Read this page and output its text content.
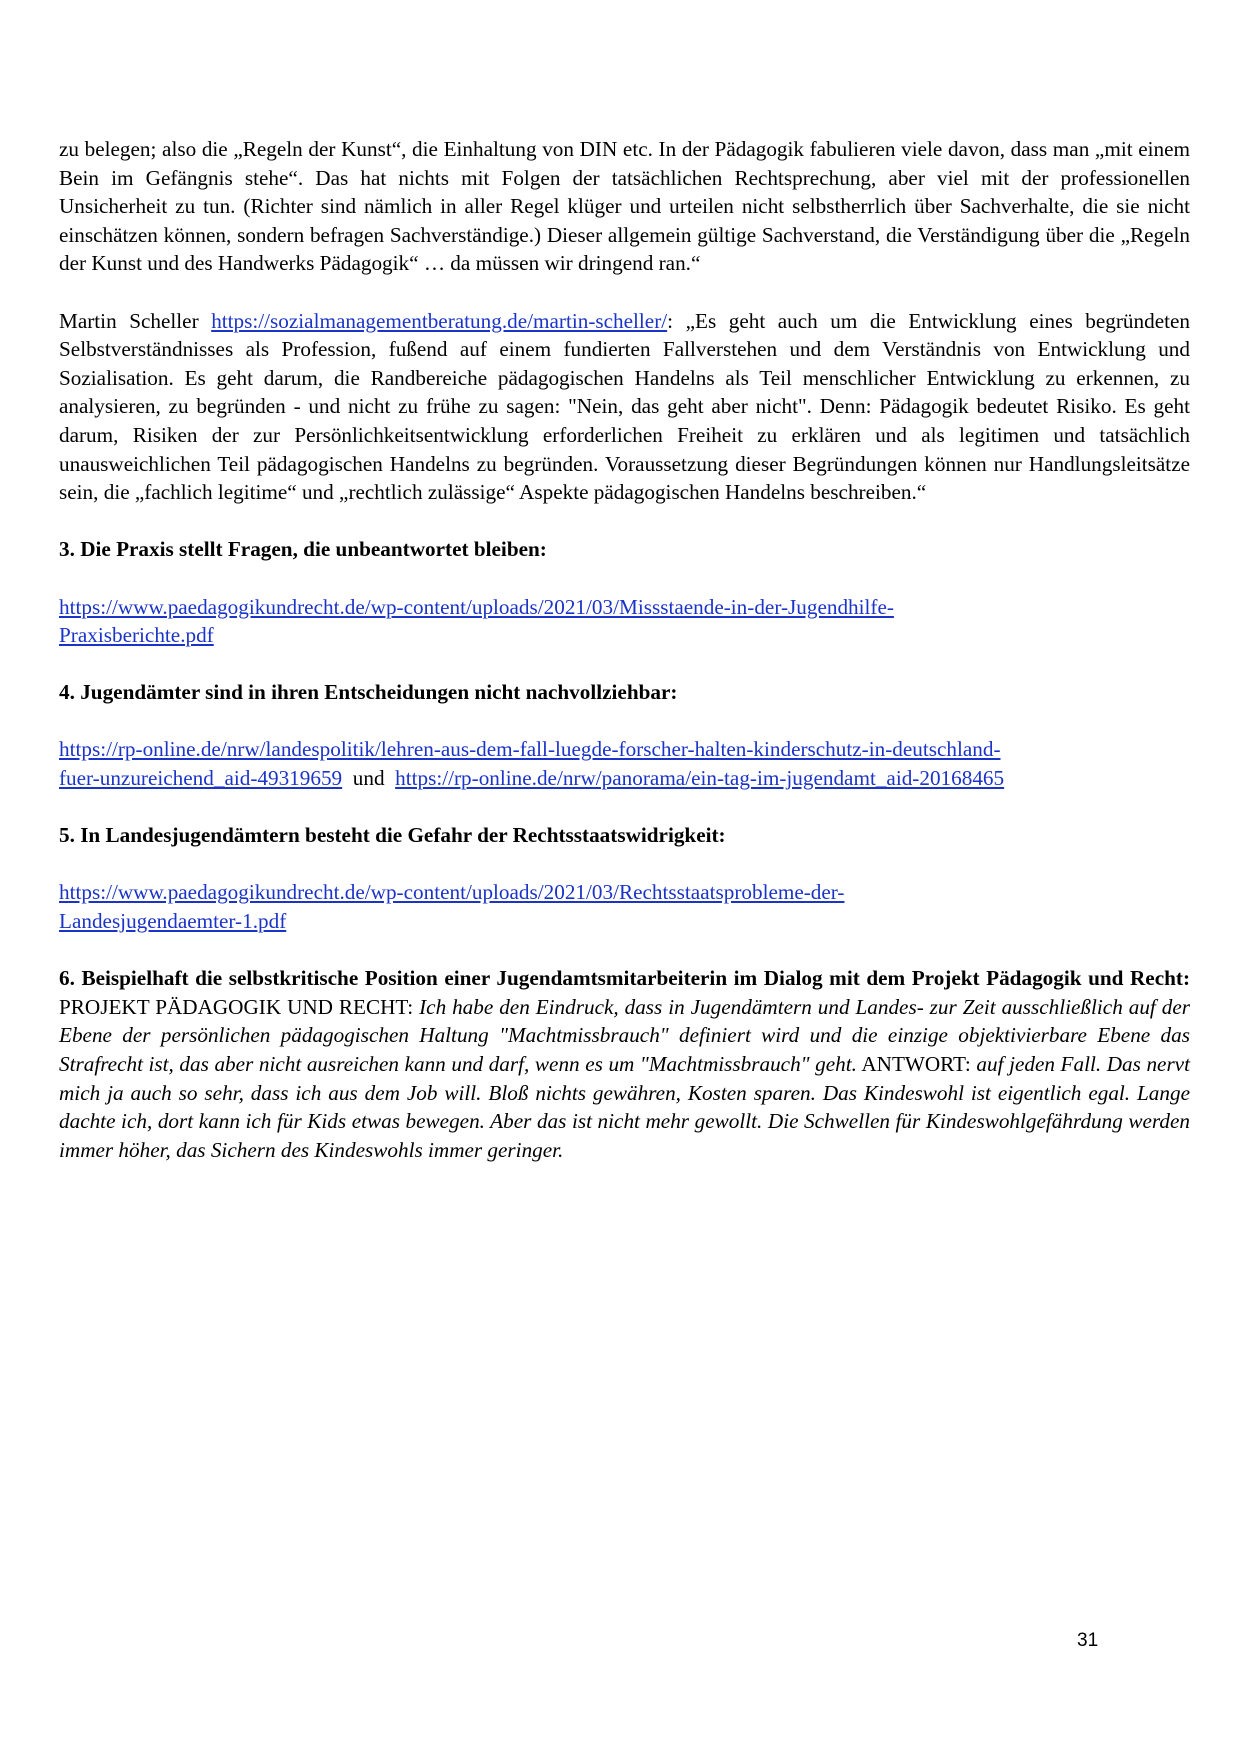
zu belegen; also die „Regeln der Kunst“, die Einhaltung von DIN etc. In der Pädagogik fabulieren viele davon, dass man „mit einem Bein im Gefängnis stehe“. Das hat nichts mit Folgen der tatsächlichen Rechtsprechung, aber viel mit der professionellen Unsicherheit zu tun. (Richter sind nämlich in aller Regel klüger und urteilen nicht selbstherrlich über Sachverhalte, die sie nicht einschätzen können, sondern befragen Sachverständige.) Dieser allgemein gültige Sachverstand, die Verständigung über die „Regeln der Kunst und des Handwerks Pädagogik“ … da müssen wir dringend ran.“

Martin Scheller https://sozialmanagementberatung.de/martin-scheller/: „Es geht auch um die Entwicklung eines begründeten Selbstverständnisses als Profession, fußend auf einem fundierten Fallverstehen und dem Verständnis von Entwicklung und Sozialisation. Es geht darum, die Randbereiche pädagogischen Handelns als Teil menschlicher Entwicklung zu erkennen, zu analysieren, zu begründen - und nicht zu frühe zu sagen: "Nein, das geht aber nicht". Denn: Pädagogik bedeutet Risiko. Es geht darum, Risiken der zur Persönlichkeitsentwicklung erforderlichen Freiheit zu erklären und als legitimen und tatsächlich unausweichlichen Teil pädagogischen Handelns zu begründen. Voraussetzung dieser Begründungen können nur Handlungsleitsätze sein, die „fachlich legitime“ und „rechtlich zulässige“ Aspekte pädagogischen Handelns beschreiben.“

3. Die Praxis stellt Fragen, die unbeantwortet bleiben:

https://www.paedagogikundrecht.de/wp-content/uploads/2021/03/Missstaende-in-der-Jugendhilfe-
Praxisberichte.pdf

4. Jugendämter sind in ihren Entscheidungen nicht nachvollziehbar:

https://rp-online.de/nrw/landespolitik/lehren-aus-dem-fall-luegde-forscher-halten-kinderschutz-in-deutschland-
fuer-unzureichend_aid-49319659 und https://rp-online.de/nrw/panorama/ein-tag-im-jugendamt_aid-20168465

5. In Landesjugendämtern besteht die Gefahr der Rechtsstaatswidrigkeit:

https://www.paedagogikundrecht.de/wp-content/uploads/2021/03/Rechtsstaatsprobleme-der-
Landesjugendaemter-1.pdf

6. Beispielhaft die selbstkritische Position einer Jugendamtsmitarbeiterin im Dialog mit dem Projekt Pädagogik und Recht: PROJEKT PÄDAGOGIK UND RECHT: Ich habe den Eindruck, dass in Jugendämtern und Landes- zur Zeit ausschließlich auf der Ebene der persönlichen pädagogischen Haltung "Machtmissbrauch" definiert wird und die einzige objektivierbare Ebene das Strafrecht ist, das aber nicht ausreichen kann und darf, wenn es um "Machtmissbrauch" geht. ANTWORT: auf jeden Fall. Das nervt mich ja auch so sehr, dass ich aus dem Job will. Bloß nichts gewähren, Kosten sparen. Das Kindeswohl ist eigentlich egal. Lange dachte ich, dort kann ich für Kids etwas bewegen. Aber das ist nicht mehr gewollt. Die Schwellen für Kindeswohlgefährdung werden immer höher, das Sichern des Kindeswohls immer geringer.

31
